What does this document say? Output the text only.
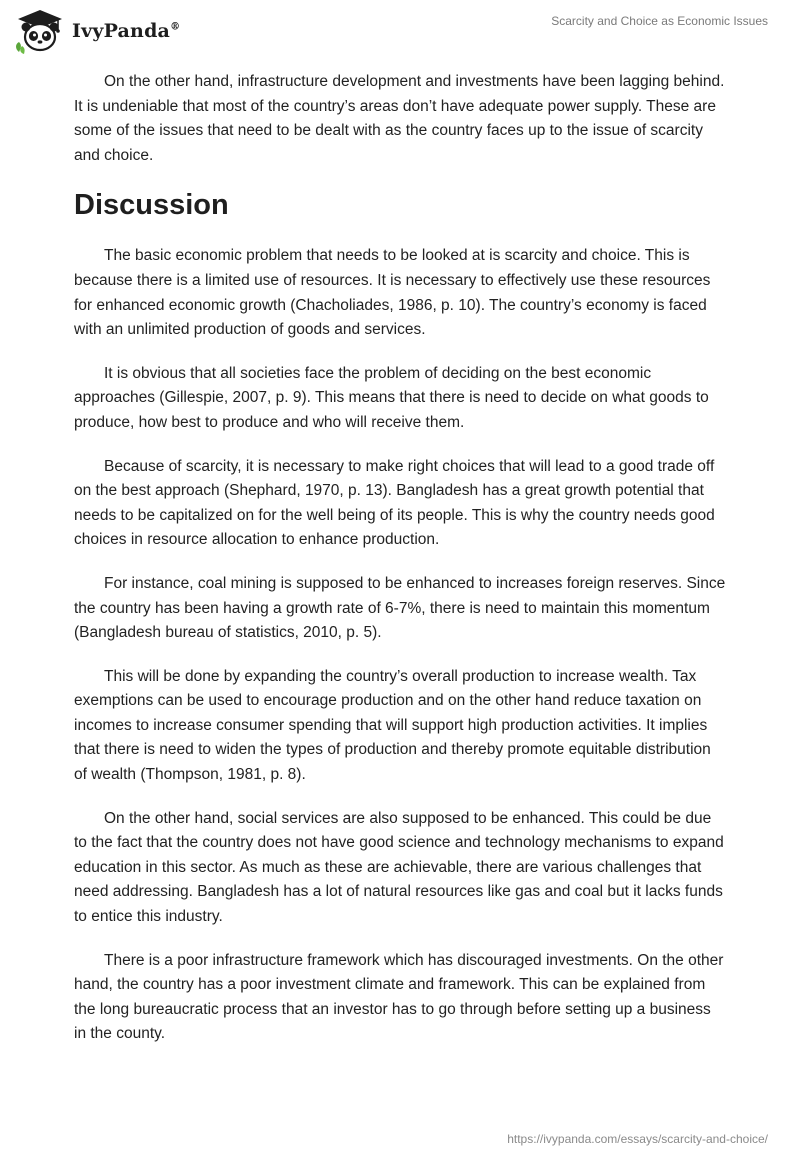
IvyPanda®	Scarcity and Choice as Economic Issues

On the other hand, infrastructure development and investments have been lagging behind. It is undeniable that most of the country’s areas don’t have adequate power supply. These are some of the issues that need to be dealt with as the country faces up to the issue of scarcity and choice.

Discussion

The basic economic problem that needs to be looked at is scarcity and choice. This is because there is a limited use of resources. It is necessary to effectively use these resources for enhanced economic growth (Chacholiades, 1986, p. 10). The country’s economy is faced with an unlimited production of goods and services.

It is obvious that all societies face the problem of deciding on the best economic approaches (Gillespie, 2007, p. 9). This means that there is need to decide on what goods to produce, how best to produce and who will receive them.

Because of scarcity, it is necessary to make right choices that will lead to a good trade off on the best approach (Shephard, 1970, p. 13). Bangladesh has a great growth potential that needs to be capitalized on for the well being of its people. This is why the country needs good choices in resource allocation to enhance production.

For instance, coal mining is supposed to be enhanced to increases foreign reserves. Since the country has been having a growth rate of 6-7%, there is need to maintain this momentum (Bangladesh bureau of statistics, 2010, p. 5).

This will be done by expanding the country’s overall production to increase wealth. Tax exemptions can be used to encourage production and on the other hand reduce taxation on incomes to increase consumer spending that will support high production activities. It implies that there is need to widen the types of production and thereby promote equitable distribution of wealth (Thompson, 1981, p. 8).

On the other hand, social services are also supposed to be enhanced. This could be due to the fact that the country does not have good science and technology mechanisms to expand education in this sector. As much as these are achievable, there are various challenges that need addressing. Bangladesh has a lot of natural resources like gas and coal but it lacks funds to entice this industry.

There is a poor infrastructure framework which has discouraged investments. On the other hand, the country has a poor investment climate and framework. This can be explained from the long bureaucratic process that an investor has to go through before setting up a business in the county.

https://ivypanda.com/essays/scarcity-and-choice/
